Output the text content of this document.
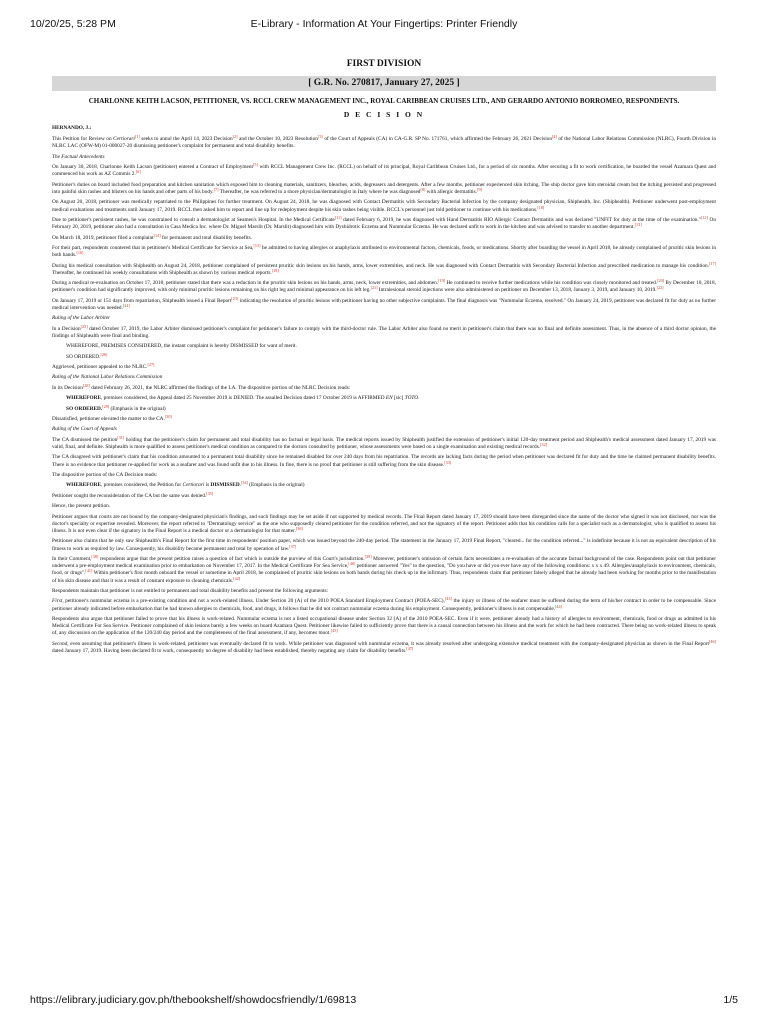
10/20/25, 5:28 PM	E-Library - Information At Your Fingertips: Printer Friendly
FIRST DIVISION
[ G.R. No. 270817, January 27, 2025 ]
CHARLONNE KEITH LACSON, PETITIONER, VS. RCCL CREW MANAGEMENT INC., ROYAL CARIBBEAN CRUISES LTD., AND GERARDO ANTONIO BORROMEO, RESPONDENTS.
D E C I S I O N
HERNANDO, J.:

This Petition for Review on Certiorari[1] seeks to annul the April 14, 2023 Decision[2] and the October 10, 2023 Resolution[3] of the Court of Appeals (CA) in CA-G.R. SP No. 171761, which affirmed the February 26, 2021 Decision[4] of the National Labor Relations Commission (NLRC), Fourth Division in NLRC LAC (OFW-M) 01-000027-20 dismissing petitioner's complaint for permanent and total disability benefits.

The Factual Antecedents

On January 30, 2018, Charlonne Keith Lacson (petitioner) entered a Contract of Employment[5] with RCCL Management Crew Inc. (RCCL) on behalf of its principal, Royal Caribbean Cruises Ltd., for a period of six months. After securing a fit to work certification, he boarded the vessel Azamara Quest and commenced his work as AZ Commis 2.[6]

Petitioner's duties on board included food preparation and kitchen sanitation which exposed him to cleaning materials, sanitizers, bleaches, acids, degreasers and detergents. After a few months, petitioner experienced skin itching. The ship doctor gave him steroidal cream but the itching persisted and progressed into painful skin rashes and blisters on his hands and other parts of his body.[7] Thereafter, he was referred to a shore physician/dermatologist in Italy where he was diagnosed[8] with allergic dermatitis.[9]

On August 20, 2018, petitioner was medically repatriated to the Philippines for further treatment. On August 24, 2018, he was diagnosed with Contact Dermatitis with Secondary Bacterial Infection by the company designated physician, Shiphealth, Inc. (Shiphealth). Petitioner underwent post-employment medical evaluations and treatments until January 17, 2019. RCCL then asked him to report and line up for redeployment despite his skin rashes being visible. RCCL's personnel just told petitioner to continue with his medications.[10]

Due to petitioner's persistent rashes, he was constrained to consult a dermatologist at Seamen's Hospital. In the Medical Certificate[11] dated February 6, 2019, he was diagnosed with Hand Dermatitis RIO Allergic Contact Dermatitis and was declared "UNFIT for duty at the time of the examination."[12] On February 20, 2019, petitioner also had a consultation in Casa Medica Inc. where Dr. Miguel Marslit (Dr. Marslit) diagnosed him with Dyshidrotic Eczema and Nummular Eczema. He was declared unfit to work in the kitchen and was advised to transfer to another department.[13]

On March 18, 2019, petitioner filed a complaint[14] for permanent and total disability benefits.

For their part, respondents countered that in petitioner's Medical Certificate for Service at Sea,[15] he admitted to having allergies or anaphylaxis attributed to environmental factors, chemicals, foods, or medications. Shortly after boarding the vessel in April 2018, he already complained of pruritic skin lesions in both hands.[16]

During his medical consultation with Shiphealth on August 24, 2018, petitioner complained of persistent pruritic skin lesions on his hands, arms, lower extremities, and neck. He was diagnosed with Contact Dermatitis with Secondary Bacterial Infection and prescribed medication to manage his condition.[17] Thereafter, he continued his weekly consultations with Shiphealth as shown by various medical reports.[18]

During a medical re-evaluation on October 17, 2018, petitioner stated that there was a reduction in the pruritic skin lesions on his hands, arms, neck, lower extremities, and abdomen.[19] He continued to receive further medications while his condition was closely monitored and treated.[20] By December 10, 2018, petitioner's condition had significantly improved, with only minimal pruritic lesions remaining on his right leg and minimal appearance on his left leg.[21] Intralesional steroid injections were also administered on petitioner on December 13, 2018, January 3, 2019, and January 10, 2019.[22]

On January 17, 2019 or 151 days from repatriation, Shiphealth issued a Final Report[23] indicating the resolution of pruritic lesions with petitioner having no other subjective complaints. The final diagnosis was "Nummular Eczema, resolved." On January 24, 2019, petitioner was declared fit for duty as no further medical intervention was needed.[24]

Ruling of the Labor Arbiter

In a Decision[25] dated October 17, 2019, the Labor Arbiter dismissed petitioner's complaint for petitioner's failure to comply with the third-doctor rule. The Labor Arbiter also found no merit in petitioner's claim that there was no final and definite assessment. Thus, in the absence of a third doctor opinion, the findings of Shiphealth were final and binding.

WHEREFORE, PREMISES CONSIDERED, the instant complaint is hereby DISMISSED for want of merit.

SO ORDERED.[26]

Aggrieved, petitioner appealed to the NLRC.[27]

Ruling of the National Labor Relations Commission

In its Decision[28] dated February 26, 2021, the NLRC affirmed the findings of the LA. The dispositive portion of the NLRC Decision reads:

WHEREFORE, premises considered, the Appeal dated 25 November 2019 is DENIED. The assailed Decision dated 17 October 2019 is AFFIRMED EN [sic] TOTO.

SO ORDERED.[29] (Emphasis in the original)

Dissatisfied, petitioner elevated the matter to the CA.[30]

Ruling of the Court of Appeals

The CA dismissed the petition[31] holding that the petitioner's claim for permanent and total disability has no factual or legal basis. The medical reports issued by Shiphealth justified the extension of petitioner's initial 120-day treatment period and Shiphealth's medical assessment dated January 17, 2019 was valid, final, and definite. Shiphealth is more qualified to assess petitioner's medical condition as compared to the doctors consulted by petitioner, whose assessments were based on a single examination and existing medical records.[32]

The CA disagreed with petitioner's claim that his condition amounted to a permanent total disability since he remained disabled for over 240 days from his repatriation. The records are lacking facts during the period when petitioner was declared fit for duty and the time he claimed permanent disability benefits. There is no evidence that petitioner re-applied for work as a seafarer and was found unfit due to his illness. In fine, there is no proof that petitioner is still suffering from the skin disease.[33]

The dispositive portion of the CA Decision reads:

WHEREFORE, premises considered, the Petition for Certiorari is DISMISSED.[34] (Emphasis in the original)

Petitioner sought the reconsideration of the CA but the same was denied.[35]

Hence, the present petition.

Petitioner argues that courts are not bound by the company-designated physician's findings, and such findings may be set aside if not supported by medical records. The Final Report dated January 17, 2019 should have been disregarded since the name of the doctor who signed it was not disclosed, nor was the doctor's specialty or expertise revealed. Moreover, the report referred to "Dermatology service" as the one who supposedly cleared petitioner for the condition referred, and not the signatory of the report. Petitioner adds that his condition calls for a specialist such as a dermatologist, who is qualified to assess his illness. It is not even clear if the signatory in the Final Report is a medical doctor or a dermatologist for that matter.[36]

Petitioner also claims that he only saw Shiphealth's Final Report for the first time in respondents' position paper, which was issued beyond the 240-day period. The statement in the January 17, 2019 Final Report, "cleared... for the condition referred..." is indefinite because it is not an equivalent description of his fitness to work as required by law. Consequently, his disability became permanent and total by operation of law.[37]

In their Comment,[38] respondents argue that the present petition raises a question of fact which is outside the purview of this Court's jurisdiction.[39] Moreover, petitioner's omission of certain facts necessitates a re-evaluation of the accurate factual background of the case. Respondents point out that petitioner underwent a pre-employment medical examination prior to embarkation on November 17, 2017. In the Medical Certificate For Sea Service,[40] petitioner answered "Yes" to the question, "Do you have or did you ever have any of the following conditions: x x x 49. Allergies/anaphylaxis to environment, chemicals, food, or drugs".[41] Within petitioner's first month onboard the vessel or sometime in April 2018, he complained of pruritic skin lesions on both hands during his check up in the infirmary. Thus, respondents claim that petitioner falsely alleged that he already had been working for months prior to the manifestation of his skin disease and that it was a result of constant exposure to cleaning chemicals.[42]

Respondents maintain that petitioner is not entitled to permanent and total disability benefits and present the following arguments:

First, petitioner's nummular eczema is a pre-existing condition and not a work-related illness. Under Section 20 (A) of the 2010 POEA Standard Employment Contract (POEA-SEC),[43] the injury or illness of the seafarer must be suffered during the term of his/her contract in order to be compensable. Since petitioner already indicated before embarkation that he had known allergies to chemicals, food, and drugs, it follows that he did not contract nummular eczema during his employment. Consequently, petitioner's illness is not compensable.[44]

Respondents also argue that petitioner failed to prove that his illness is work-related. Nummular eczema is not a listed occupational disease under Section 32 (A) of the 2010 POEA-SEC. Even if it were, petitioner already had a history of allergies to environment, chemicals, food or drugs as admitted in his Medical Certificate For Sea Service. Petitioner complained of skin lesions barely a few weeks on board Azamara Quest. Petitioner likewise failed to sufficiently prove that there is a causal connection between his illness and the work for which he had been contracted. There being no work-related illness to speak of, any discussion on the application of the 120/240 day period and the completeness of the final assessment, if any, becomes moot.[45]

Second, even assuming that petitioner's illness is work-related, petitioner was eventually declared fit to work. While petitioner was diagnosed with nummular eczema, it was already resolved after undergoing extensive medical treatment with the company-designated physician as shown in the Final Report[46] dated January 17, 2019. Having been declared fit to work, consequently no degree of disability had been established, thereby negating any claim for disability benefits.[47]

https://elibrary.judiciary.gov.ph/thebookshelf/showdocsfriendly/1/69813	1/5
